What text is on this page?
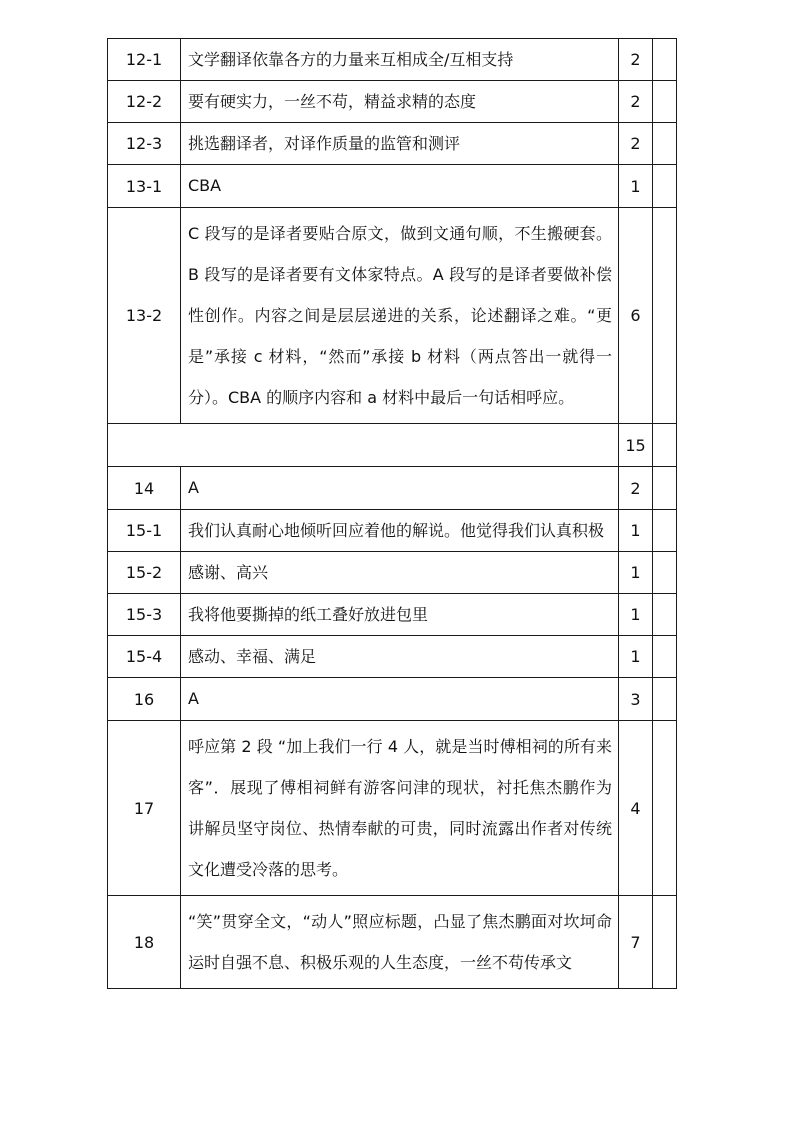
12-1	文学翻译依靠各方的力量来互相成全/互相支持	2	
12-2	要有硬实力，一丝不苟，精益求精的态度	2	
12-3	挑选翻译者，对译作质量的监管和测评	2	
13-1	CBA	1	
13-2	C 段写的是译者要贴合原文，做到文通句顺，不生搬硬套。B 段写的是译者要有文体家特点。A 段写的是译者要做补偿性创作。内容之间是层层递进的关系，论述翻译之难。“更是”承接 c 材料，“然而”承接 b 材料（两点答出一就得一分）。CBA 的顺序内容和 a 材料中最后一句话相呼应。	6	
		15	
14	A	2	
15-1	我们认真耐心地倾听回应着他的解说。他觉得我们认真积极	1	
15-2	感谢、高兴	1	
15-3	我将他要撕掉的纸工叠好放进包里	1	
15-4	感动、幸福、满足	1	
16	A	3	
17	呼应第 2 段 “加上我们一行 4 人，就是当时傅相祠的所有来客”．展现了傅相祠鲜有游客问津的现状，衬托焦杰鹏作为讲解员坚守岗位、热情奉献的可贵，同时流露出作者对传统文化遭受冷落的思考。	4	
18	“笑”贯穿全文，“动人”照应标题，凸显了焦杰鹏面对坎坷命运时自强不息、积极乐观的人生态度，一丝不苟传承文	7	
